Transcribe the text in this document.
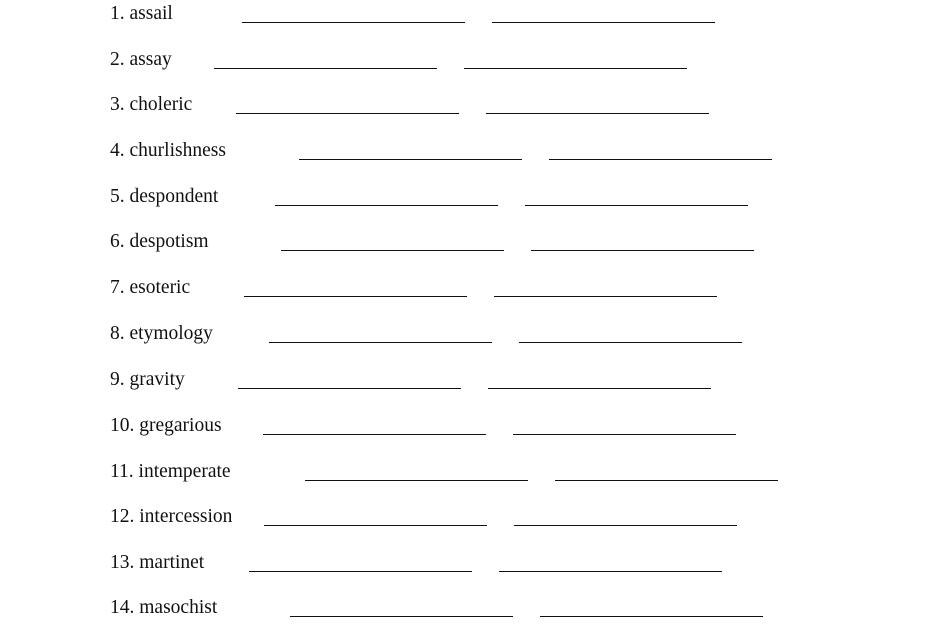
1. assail
2. assay
3. choleric
4. churlishness
5. despondent
6. despotism
7. esoteric
8. etymology
9. gravity
10. gregarious
11. intemperate
12. intercession
13. martinet
14. masochist
